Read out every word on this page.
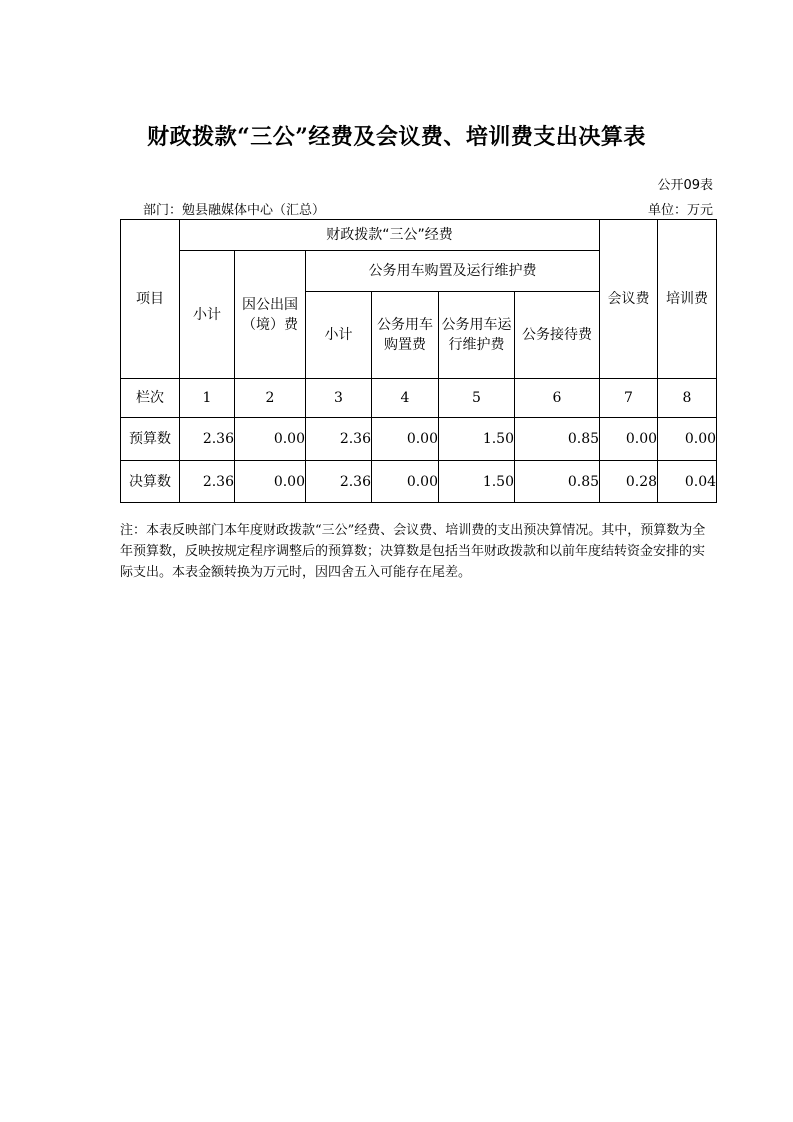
财政拨款“三公”经费及会议费、培训费支出决算表
公开09表
部门：勉县融媒体中心（汇总）	单位：万元
项目	财政拨款“三公”经费						会议费	培训费
	小计	因公出国（境）费	公务用车购置及运行维护费					
			小计	公务用车购置费	公务用车运行维护费	公务接待费		

栏次	1	2	3	4	5	6	7	8
预算数	2.36	0.00	2.36	0.00	1.50	0.85	0.00	0.00
决算数	2.36	0.00	2.36	0.00	1.50	0.85	0.28	0.04
注：本表反映部门本年度财政拨款“三公”经费、会议费、培训费的支出预决算情况。其中，预算数为全年预算数，反映按规定程序调整后的预算数；决算数是包括当年财政拨款和以前年度结转资金安排的实际支出。本表金额转换为万元时，因四舍五入可能存在尾差。
